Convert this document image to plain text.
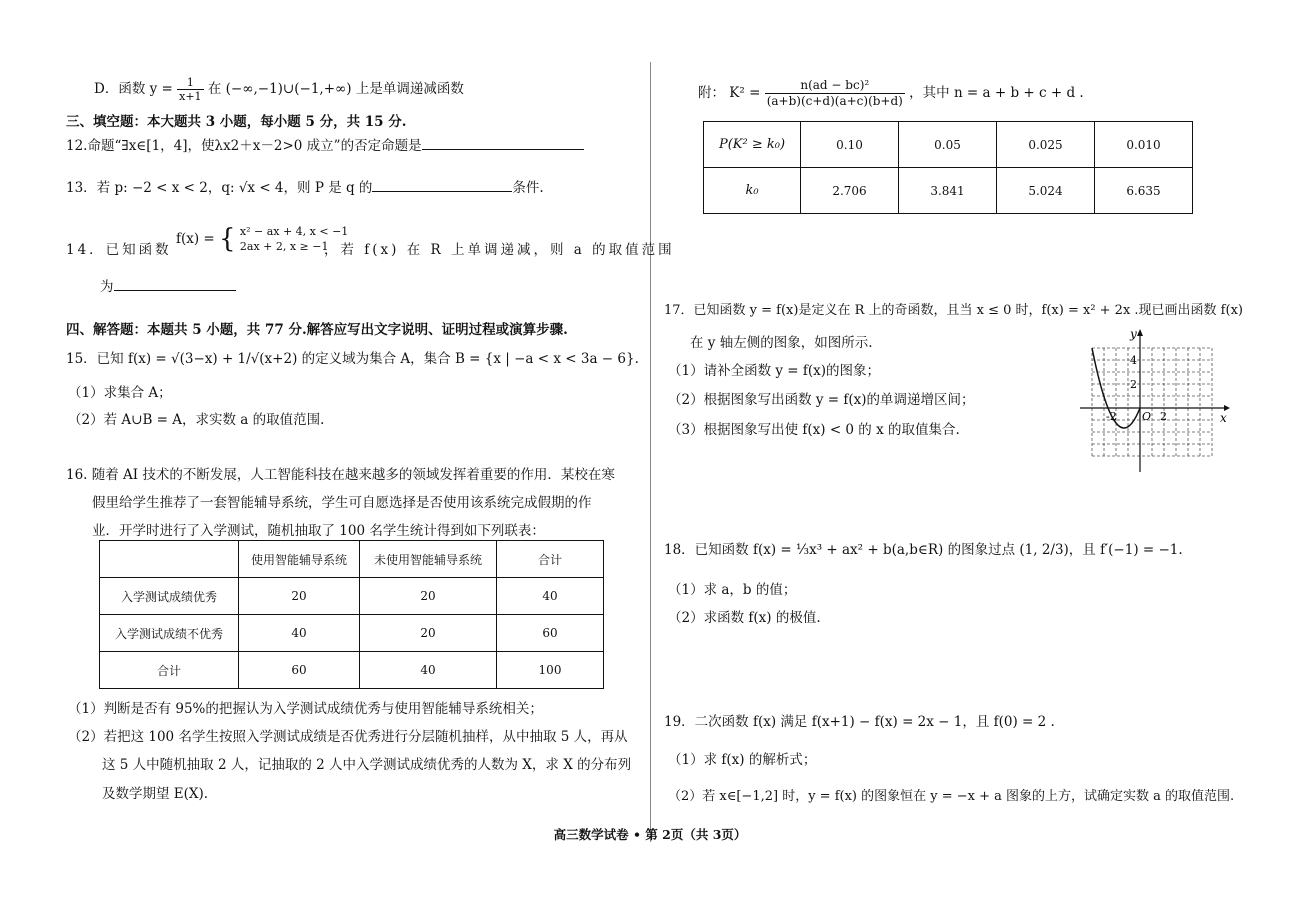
D．函数 $y = \frac{1}{x+1}$ 在 (−∞,−1)∪(−1,+∞) 上是单调递减函数
三、填空题：本大题共 3 小题，每小题 5 分，共 15 分.
12.命题“∃x∈[1，4]，使λx2＋x－2>0 成立”的否定命题是
13．若 p: −2 < x < 2，q: √x < 4，则 P 是 q 的	条件.
14．已知函数
f(x) = { x² − ax + 4, x < −1
2ax + 2, x ≥ −1
，若 f(x) 在 R 上单调递减，则 a 的取值范围
为
四、解答题：本题共 5 小题，共 77 分.解答应写出文字说明、证明过程或演算步骤.
15．已知 f(x) = √(3−x) + 1/√(x+2) 的定义域为集合 A，集合 B = {x | −a < x < 3a − 6}.
（1）求集合 A；
（2）若 A∪B = A，求实数 a 的取值范围.
16. 随着 AI 技术的不断发展，人工智能科技在越来越多的领域发挥着重要的作用．某校在寒
假里给学生推荐了一套智能辅导系统，学生可自愿选择是否使用该系统完成假期的作
业．开学时进行了入学测试，随机抽取了 100 名学生统计得到如下列联表：
	使用智能辅导系统	未使用智能辅导系统	合计
入学测试成绩优秀	20	20	40
入学测试成绩不优秀	40	20	60
合计	60	40	100
（1）判断是否有 95%的把握认为入学测试成绩优秀与使用智能辅导系统相关；
（2）若把这 100 名学生按照入学测试成绩是否优秀进行分层随机抽样，从中抽取 5 人，再从
这 5 人中随机抽取 2 人，记抽取的 2 人中入学测试成绩优秀的人数为 X，求 X 的分布列
及数学期望 E(X).
附： $K^2 = \frac{\text{n(ad − bc)²}}{(a+b)(c+d)(a+c)(b+d)}$ ，其中 n = a + b + c + d .
P(K² ≥ k₀)	0.10	0.05	0.025	0.010
k₀	2.706	3.841	5.024	6.635
17．已知函数 y = f(x)是定义在 R 上的奇函数，且当 x ≤ 0 时，f(x) = x² + 2x .现已画出函数 f(x)
在 y 轴左侧的图象，如图所示.
（1）请补全函数 y = f(x)的图象；
（2）根据图象写出函数 y = f(x)的单调递增区间；
（3）根据图象写出使 f(x) < 0 的 x 的取值集合.
y
x
4
2
-2 O 2
18．已知函数 f(x) = ⅓x³ + ax² + b(a,b∈R) 的图象过点 (1, 2/3)，且 f′(−1) = −1.
（1）求 a，b 的值；
（2）求函数 f(x) 的极值.
19．二次函数 f(x) 满足 f(x+1) − f(x) = 2x − 1，且 f(0) = 2 .
（1）求 f(x) 的解析式；
（2）若 x∈[−1,2] 时，y = f(x) 的图象恒在 y = −x + a 图象的上方，试确定实数 a 的取值范围.
高三数学试卷 • 第 2页（共 3页）
